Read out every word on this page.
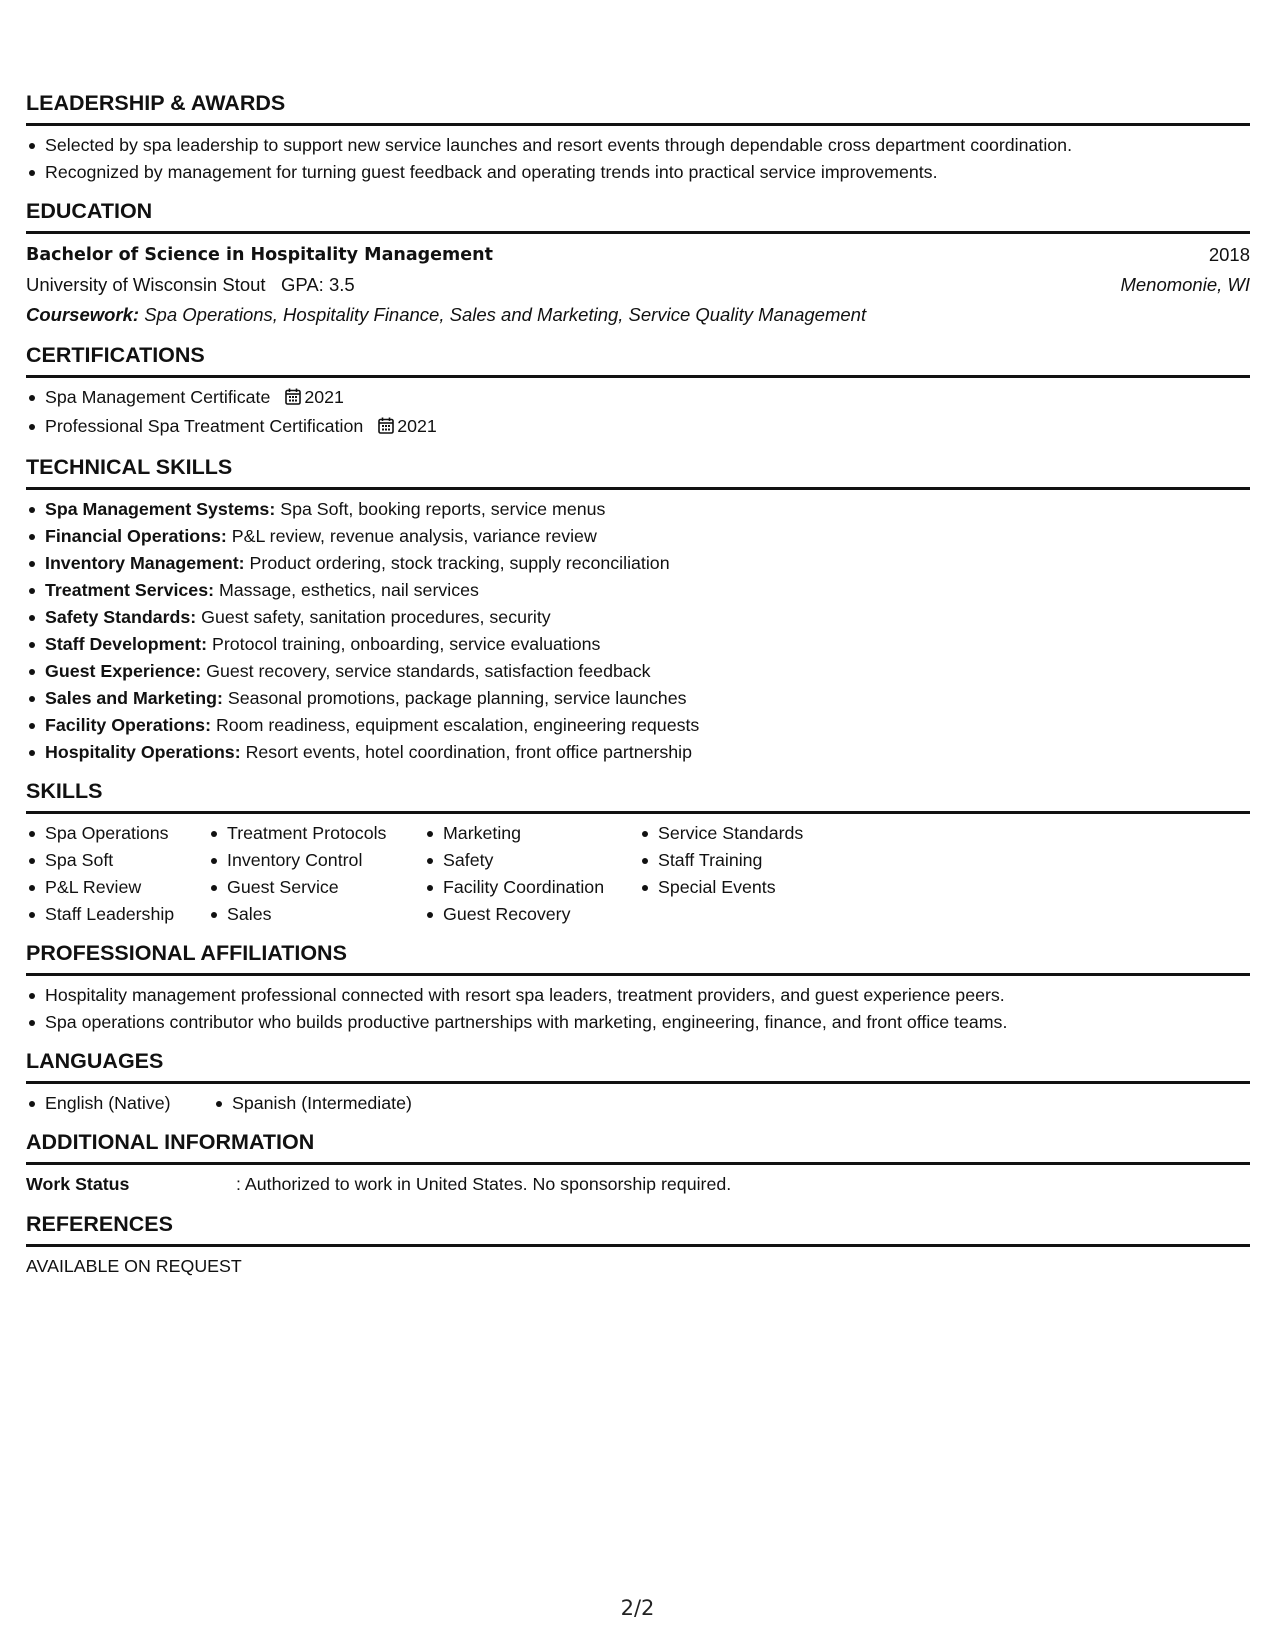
LEADERSHIP & AWARDS
Selected by spa leadership to support new service launches and resort events through dependable cross department coordination.
Recognized by management for turning guest feedback and operating trends into practical service improvements.
EDUCATION
Bachelor of Science in Hospitality Management	2018
University of Wisconsin Stout GPA: 3.5	Menomonie, WI
Coursework: Spa Operations, Hospitality Finance, Sales and Marketing, Service Quality Management
CERTIFICATIONS
Spa Management Certificate 2021
Professional Spa Treatment Certification 2021
TECHNICAL SKILLS
Spa Management Systems: Spa Soft, booking reports, service menus
Financial Operations: P&L review, revenue analysis, variance review
Inventory Management: Product ordering, stock tracking, supply reconciliation
Treatment Services: Massage, esthetics, nail services
Safety Standards: Guest safety, sanitation procedures, security
Staff Development: Protocol training, onboarding, service evaluations
Guest Experience: Guest recovery, service standards, satisfaction feedback
Sales and Marketing: Seasonal promotions, package planning, service launches
Facility Operations: Room readiness, equipment escalation, engineering requests
Hospitality Operations: Resort events, hotel coordination, front office partnership
SKILLS
Spa Operations
Spa Soft
P&L Review
Staff Leadership
Treatment Protocols
Inventory Control
Guest Service
Sales
Marketing
Safety
Facility Coordination
Guest Recovery
Service Standards
Staff Training
Special Events
PROFESSIONAL AFFILIATIONS
Hospitality management professional connected with resort spa leaders, treatment providers, and guest experience peers.
Spa operations contributor who builds productive partnerships with marketing, engineering, finance, and front office teams.
LANGUAGES
English (Native)	Spanish (Intermediate)
ADDITIONAL INFORMATION
Work Status	: Authorized to work in United States. No sponsorship required.
REFERENCES
AVAILABLE ON REQUEST
2/2
